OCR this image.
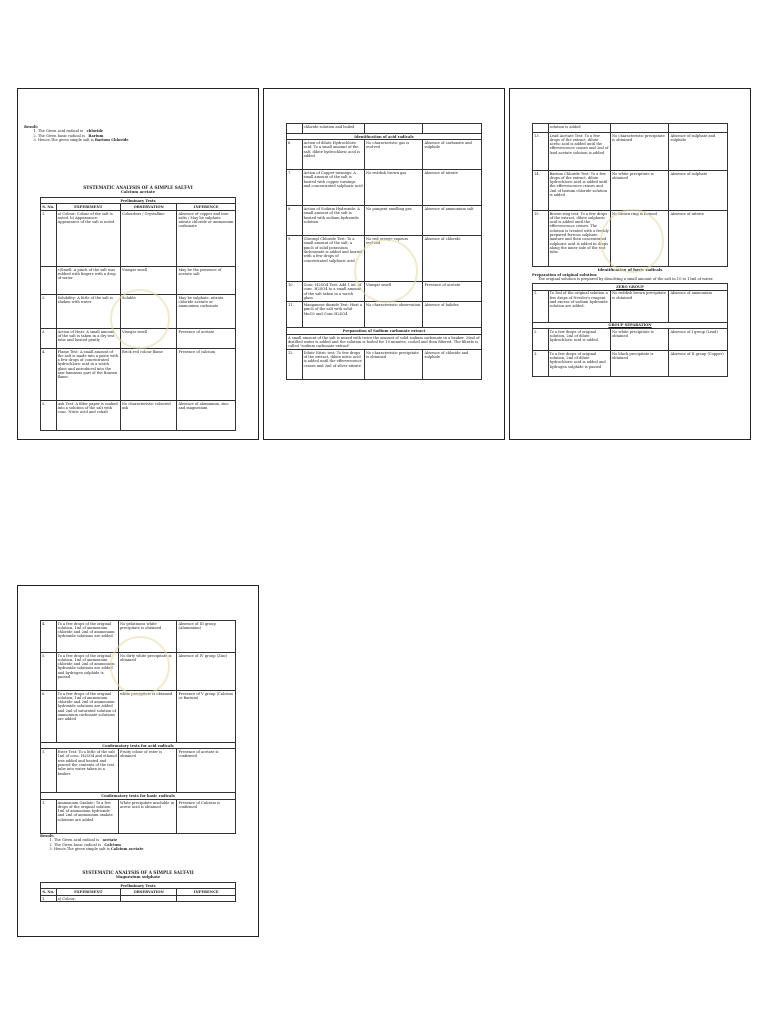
Result:
1. The Given acid radical is chloride
2. The Given basic radical is Barium
3. Hence,The given simple salt is Barium Chloride
SYSTEMATIC ANALYSIS OF A SIMPLE SALT-VI
Calcium acetate
Preliminary Tests			
S. No.	EXPERIMENT	OBSERVATION	INFERENCE
1.	a) Colour: Colour of the salt is noted. b) Appearance: Appearance of the salt is noted	Colourless / Crystalline	Absence of copper and iron salts / May be sulphate nitrate chloride or ammonium carbonate
	c)Smell: A pinch of the salt was rubbed with fingers with a drop of water	Vinegar smell	May be the presence of acetate salt
2.	Solubility: A little of the salt is shaken with water	Soluble	May be sulphate, nitrate, chloride acetate or ammonium carbonate
3.	Action of Heat: A small amount of the salt is taken in a dry test tube and heated gently	Vinegar smell	Presence of acetate
4.	Flame Test: A small amount of the salt is made into a paste with a few drops of concentrated hydrochloric acid in a watch glass and introduced into the non-luminous part of the Bunsen flame.	Brick red colour flame	Presence of calcium
5.	Ash Test: A filter paper is soaked into a solution of the salt with conc. Nitric acid and cobalt	No characteristic coloured ash	Absence of aluminium, zinc and magnesium
	chloride solution and boiled		
Identification of acid radicals			
6.	Action of dilute Hydrochloric acid: To a small amount of the salt, dilute hydrochloric acid is added	No characteristic gas is evolved	Absence of carbonate and sulphide
7.	Action of Copper turnings: A small amount of the salt is heated with copper turnings and concentrated sulphuric acid	No reddish brown gas	Absence of nitrate
8.	Action of Sodium Hydroxide: A small amount of the salt is heated with sodium hydroxide solution	No pungent smelling gas	Absence of ammonium salt
9.	Chromyl Chloride Test: To a small amount of the salt, a pinch of solid potassium dichromate is added and heated with a few drops of concentrated sulphuric acid	No red orange vapours evolved	Absence of chloride
10.	Conc. H2SO4 Test: Add 1 ml. of conc. H2SO4 to a small amount of the salt taken in a watch glass	Vinegar smell	Presence of acetate
11.	Manganese dioxide Test: Heat a pinch of the salt with solid MnO2 and Conc.H2SO4	No characteristic observation	Absence of halides
Preparation of Sodium carbonate extract			
A small amount of the salt is mixed with twice the amount of solid sodium carbonate in a beaker. 20ml of distilled water is added and the solution is boiled for 10 minutes, cooled and then filtered. The filtrate is called "sodium carbonate extract"			
12.	Dilute Nitric test: To few drops of the extract, dilute nitric acid is added until the effervescence ceases and 2ml of silver nitrate	No characteristic precipitate is obtained	Absence of chloride and sulphide
	solution is added		
13.	Lead Acetate Test: To a few drops of the extract, dilute acetic acid is added until the effervescence ceases and 2ml of lead acetate solution is added	No characteristic precipitate is obtained	Absence of sulphate and sulphide
14.	Barium Chloride Test: To a few drops of the extract, dilute hydrochloric acid is added until the effervescence ceases and 2ml of barium chloride solution is added	No white precipitate is obtained	Absence of sulphate
15.	Brown ring test: To a few drops of the extract, dilute sulphuric acid is added until the effervescence ceases. The solution is treated with a freshly prepared ferrous sulphate mixture and then concentrated sulphuric acid is added in drops along the inner side of the test tube.	No brown ring is formed	Absence of nitrate
Identification of basic radicals
Preparation of original solution:
The original solution is prepared by dissolving a small amount of the salt in 10 to 15ml of water.
ZERO GROUP			
1.	To 1ml of the original solution a few drops of Nessler's reagent and excess of sodium hydroxide solution are added.	No reddish brown precipitate is obtained	Absence of ammonium
GROUP SEPARATION			
2.	To a few drops of original solution, 2ml of dilute hydrochloric acid is added.	No white precipitate is obtained	Absence of I group (Lead)
3.	To a few drops of original solution, 2ml of dilute hydrochloric acid is added and hydrogen sulphide is passed	No black precipitate is obtained	Absence of II group (Copper)
4.	To a few drops of the original solution, 1ml of ammonium chloride and 2ml of ammonium hydroxide solutions are added	No gelatinous white precipitate is obtained	Absence of III group (Aluminium)
5.	To a few drops of the original solution, 1ml of ammonium chloride and 2ml of ammonium hydroxide solutions are added and hydrogen sulphide is passed	No dirty white precipitate is obtained	Absence of IV group (Zinc)
6.	To a few drops of the original solution, 1ml of ammonium chloride and 2ml of ammonium hydroxide solutions are added and 2ml of saturated solution of ammonium carbonate solutions are added	white precipitate is obtained	Presence of V group (Calcium or Barium)
Confirmatory tests for acid radicals			
1.	Ester Test: To a little of the salt 1ml of conc. H2SO4 and ethanol was added and heated and poured the contents of the test tube into water taken in a beaker.	Fruity odour of ester is obtained	Presence of acetate is confirmed
Confirmatory tests for basic radicals			
1.	Ammonium Oxalate: To a few drops of the original solution 1ml of ammonium hydroxide and 2ml of ammonium oxalate solutions are added	White precipitate insoluble in acetic acid is obtained	Presence of Calcium is confirmed
Result:
1. The Given acid radical is acetate
2. The Given basic radical is Calcium
3. Hence,The given simple salt is Calcium acetate
SYSTEMATIC ANALYSIS OF A SIMPLE SALT-VII
Magnesium sulphate
Preliminary Tests			
S. No.	EXPERIMENT	OBSERVATION	INFERENCE
1.	a) Colour:		
